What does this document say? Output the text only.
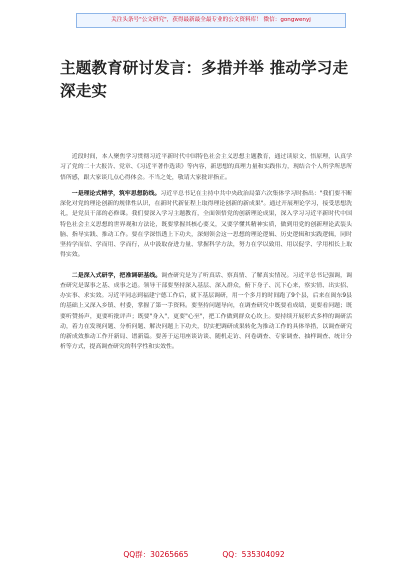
关注头条号"公文研究"，获得最新最全最专业的公文资料库！ 微信：gongwenyj
主题教育研讨发言：多措并举 推动学习走深走实

近段时间，本人聚焦学习贯彻习近平新时代中国特色社会主义思想主题教育，通过读原文、悟原理，认真学习了党的二十大报告、党章、《习近平著作选读》等内容，新思想的真理力量和实践伟力，现结合个人所学所思所悟所感，跟大家谈几点心得体会。不当之处，敬请大家批评指正。

一是理论式精学，筑牢思想防线。习近平总书记在主持中共中央政治局第六次集体学习时指出："我们要不断深化对党的理论创新的规律性认识，在新时代新征程上取得理论创新的新成果"。通过开展理论学习，接受思想洗礼，是党员干部的必修课。我们要深入学习主题教育，全面领悟党的创新理论成果，深入学习习近平新时代中国特色社会主义思想的世界观和方法论，既要掌握其核心要义，又要学懂其精神实质，做到用党的创新理论武装头脑、指导实践、推动工作。要在学深悟透上下功夫，深刻领会这一思想的理论逻辑、历史逻辑和实践逻辑，同时坚持学而信、学而用、学而行，从中汲取奋进力量、掌握科学方法，努力在学以致用、用以促学、学用相长上取得实效。

二是深入式研学，把准调研基线。调查研究是为了听真话、察真情、了解真实情况。习近平总书记强调，调查研究是谋事之基、成事之道。领导干部要坚持深入基层、深入群众，俯下身子、沉下心来，察实情、出实招、办实事、求实效。习近平同志到福建宁德工作后，就下基层调研，用一个多月的时间跑了9个县，后来在闽东9县的基础上又深入乡镇、村委，掌握了第一手资料。要坚持问题导向，在调查研究中既要看成绩，更要看问题；既要听赞扬声，更要听批评声；既要"身入"，更要"心至"，把工作做到群众心坎上。要持续开展形式多样的调研活动，着力在发现问题、分析问题、解决问题上下功夫，切实把调研成果转化为推动工作的具体举措，以调查研究的新成效推动工作开新局、谱新篇。要善于运用座谈访谈、随机走访、问卷调查、专家调查、抽样调查、统计分析等方式，提高调查研究的科学性和实效性。

QQ群：30265665	QQ：535304092
